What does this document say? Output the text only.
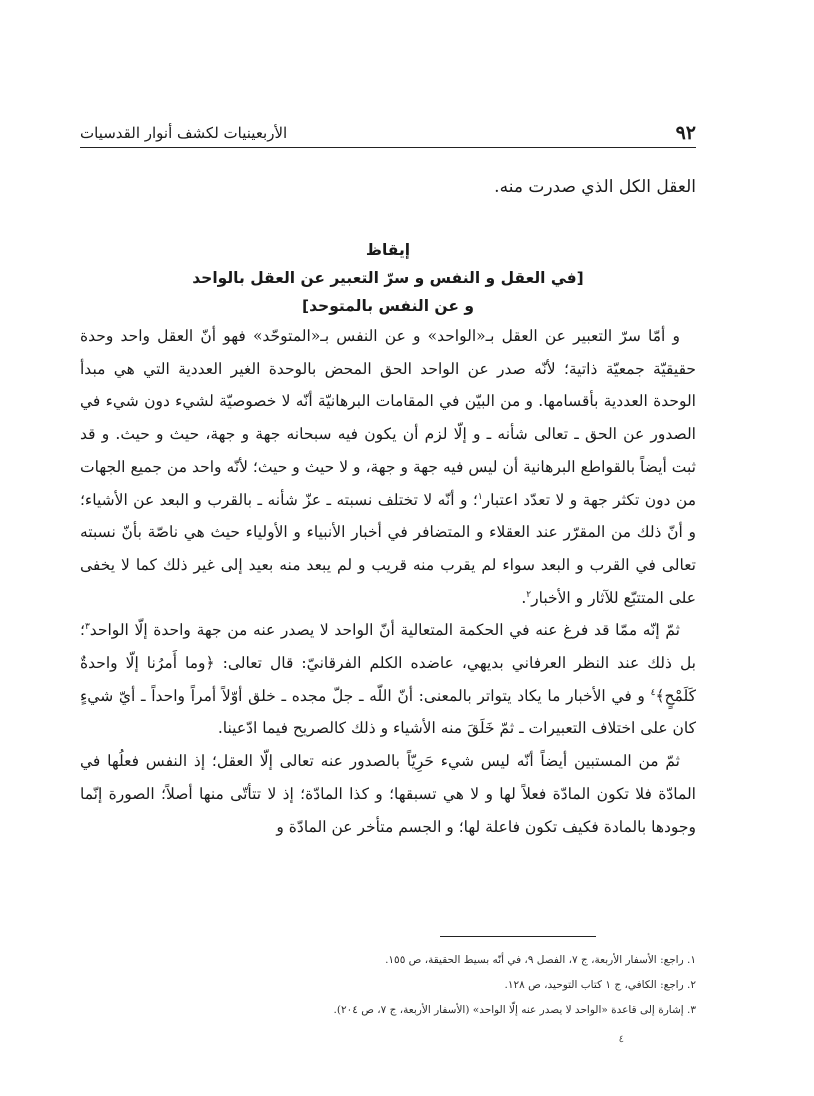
٩٢
الأربعينيات لكشف أنوار القدسيات

العقل الكل الذي صدرت منه.

إيقاظ
[في العقل و النفس و سرّ التعبير عن العقل بالواحد
و عن النفس بالمتوحد]

و أمّا سرّ التعبير عن العقل بـ«الواحد» و عن النفس بـ«المتوحّد» فهو أنّ العقل واحد وحدة حقيقيّة جمعيّة ذاتية؛ لأنّه صدر عن الواحد الحق المحض بالوحدة الغير العددية التي هي مبدأ الوحدة العددية بأقسامها. و من البيّن في المقامات البرهانيّة أنّه لا خصوصيّة لشيء دون شيء في الصدور عن الحق ـ تعالى شأنه ـ و إلّا لزم أن يكون فيه سبحانه جهة و جهة، حيث و حيث. و قد ثبت أيضاً بالقواطع البرهانية أن ليس فيه جهة و جهة، و لا حيث و حيث؛ لأنّه واحد من جميع الجهات من دون تكثر جهة و لا تعدّد اعتبار$^١$؛ و أنّه لا تختلف نسبته ـ عزّ شأنه ـ بالقرب و البعد عن الأشياء؛ و أنّ ذلك من المقرّر عند العقلاء و المتضافر في أخبار الأنبياء و الأولياء حيث هي ناصّة بأنّ نسبته تعالى في القرب و البعد سواء لم يقرب منه قريب و لم يبعد منه بعيد إلى غير ذلك كما لا يخفى على المتتبّع للآثار و الأخبار$^٢$.

ثمّ إنّه ممّا قد فرغ عنه في الحكمة المتعالية أنّ الواحد لا يصدر عنه من جهة واحدة إلّا الواحد$^٣$؛ بل ذلك عند النظر العرفاني بديهي، عاضده الكلم الفرقانيّ: قال تعالى: ﴿وما أَمرُنا إلّا واحدةٌ كَلَمْحٍ﴾$^٤$ و في الأخبار ما يكاد يتواتر بالمعنى: أنّ اللّه ـ جلّ مجده ـ خلق أوّلاً أمراً واحداً ـ أيّ شيءٍ كان على اختلاف التعبيرات ـ ثمّ خَلَقَ منه الأشياء و ذلك كالصريح فيما ادّعينا.

ثمّ من المستبين أيضاً أنّه ليس شيء حَرِيّاً بالصدور عنه تعالى إلّا العقل؛ إذ النفس فعلُها في المادّة فلا تكون المادّة فعلاً لها و لا هي تسبقها؛ و كذا المادّة؛ إذ لا تتأتّى منها أصلاً؛ الصورة إنّما وجودها بالمادة فكيف تكون فاعلة لها؛ و الجسم متأخر عن المادّة و

١. راجع: الأسفار الأربعة، ج ٧، الفصل ٩، في أنّه بسيط الحقيقة، ص ١٥٥.
٢. راجع: الكافي، ج ١ كتاب التوحيد، ص ١٢٨.
٣. إشارة إلى قاعدة «الواحد لا يصدر عنه إلّا الواحد» (الأسفار الأربعة، ج ٧، ص ٢٠٤).
٤
